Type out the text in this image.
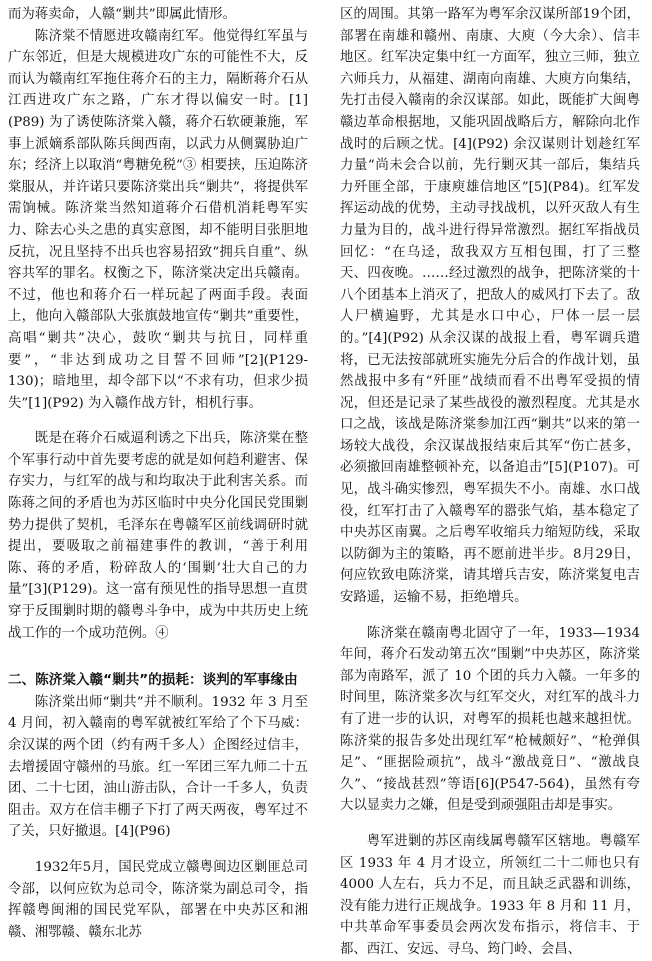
而为蒋卖命，人赣“剿共”即属此情形。

陈济棠不情愿进攻赣南红军。他觉得红军虽与广东邻近，但是大规模进攻广东的可能性不大，反而认为赣南红军拖住蒋介石的主力，隔断蒋介石从江西进攻广东之路，广东才得以偏安一时。[1](P89) 为了诱使陈济棠入赣，蒋介石软硬兼施，军事上派嫡系部队陈兵闽西南，以武力从侧翼胁迫广东；经济上以取消“粤糖免税”③ 相要挟，压迫陈济棠服从，并许诺只要陈济棠出兵“剿共”，将提供军需饷械。陈济棠当然知道蒋介石借机消耗粤军实力、除去心头之患的真实意图，却不能明目张胆地反抗，况且坚持不出兵也容易招致“拥兵自重”、纵容共军的罪名。权衡之下，陈济棠决定出兵赣南。不过，他也和蒋介石一样玩起了两面手段。表面上，他向入赣部队大张旗鼓地宣传“剿共”重要性，高唱“剿共”决心，鼓吹“剿共与抗日，同样重要”，“非达到成功之目誓不回师”[2](P129-130)；暗地里，却令部下以“不求有功，但求少损失”[1](P92) 为入赣作战方针，相机行事。

既是在蒋介石威逼利诱之下出兵，陈济棠在整个军事行动中首先要考虑的就是如何趋利避害、保存实力，与红军的战与和均取决于此利害关系。而陈蒋之间的矛盾也为苏区临时中央分化国民党围剿势力提供了契机，毛泽东在粤赣军区前线调研时就提出，要吸取之前福建事件的教训，“善于利用陈、蒋的矛盾，粉碎敌人的‘围剿’壮大自己的力量”[3](P129)。这一富有预见性的指导思想一直贯穿于反围剿时期的赣粤斗争中，成为中共历史上统战工作的一个成功范例。④

二、陈济棠入赣“剿共”的损耗：谈判的军事缘由

陈济棠出师“剿共”并不顺利。1932 年 3 月至 4 月间，初入赣南的粤军就被红军给了个下马威：余汉谋的两个团（约有两千多人）企图经过信丰，去增援固守赣州的马旅。红一军团三军九师二十五团、二十七团，油山游击队，合计一千多人，负责阻击。双方在信丰棚子下打了两天两夜，粤军过不了关，只好撤退。[4](P96)

1932年5月，国民党成立赣粤闽边区剿匪总司令部，以何应钦为总司令，陈济棠为副总司令，指挥赣粤闽湘的国民党军队，部署在中央苏区和湘赣、湘鄂赣、赣东北苏

区的周围。其第一路军为粤军余汉谋所部19个团，部署在南雄和赣州、南康、大庾（今大余）、信丰地区。红军决定集中红一方面军，独立三师，独立六师兵力，从福建、湖南向南雄、大庾方向集结，先打击侵入赣南的余汉谋部。如此，既能扩大闽粤赣边革命根据地，又能巩固战略后方，解除向北作战时的后顾之忧。[4](P92) 余汉谋则计划趁红军力量“尚未会合以前，先行剿灭其一部后，集结兵力歼匪全部，于康庾雄信地区”[5](P84)。红军发挥运动战的优势，主动寻找战机，以歼灭敌人有生力量为目的，战斗进行得异常激烈。据红军指战员回忆：“在乌迳，敌我双方互相包围，打了三整天、四夜晚。……经过激烈的战争，把陈济棠的十八个团基本上消灭了，把敌人的威风打下去了。敌人尸横遍野，尤其是水口中心，尸体一层一层的。”[4](P92) 从余汉谋的战报上看，粤军调兵遣将，已无法按部就班实施先分后合的作战计划，虽然战报中多有“歼匪”战绩而看不出粤军受损的情况，但还是记录了某些战役的激烈程度。尤其是水口之战，该战是陈济棠参加江西“剿共”以来的第一场较大战役，余汉谋战报结束后其军“伤亡甚多，必须撤回南雄整顿补充，以备追击”[5](P107)。可见，战斗确实惨烈，粤军损失不小。南雄、水口战役，红军打击了入赣粤军的嚣张气焰，基本稳定了中央苏区南翼。之后粤军收缩兵力缩短防线，采取以防御为主的策略，再不愿前进半步。8月29日，何应钦致电陈济棠，请其增兵吉安，陈济棠复电吉安路遥，运输不易，拒绝增兵。

陈济棠在赣南粤北固守了一年，1933—1934 年间，蒋介石发动第五次“围剿”中央苏区，陈济棠部为南路军，派了 10 个团的兵力入赣。一年多的时间里，陈济棠多次与红军交火，对红军的战斗力有了进一步的认识，对粤军的损耗也越来越担忧。陈济棠的报告多处出现红军“枪械颇好”、“枪弹俱足”、“匪据险顽抗”，战斗“激战竟日”、“激战良久”、“接战甚烈”等语[6](P547-564)，虽然有夸大以显卖力之嫌，但是受到顽强阻击却是事实。

粤军进剿的苏区南线属粤赣军区辖地。粤赣军区 1933 年 4 月才设立，所领红二十二师也只有 4000 人左右，兵力不足，而且缺乏武器和训练，没有能力进行正规战争。1933 年 8 月和 11 月，中共革命军事委员会两次发布指示，将信丰、于都、西江、安远、寻乌、筠门岭、会昌、
